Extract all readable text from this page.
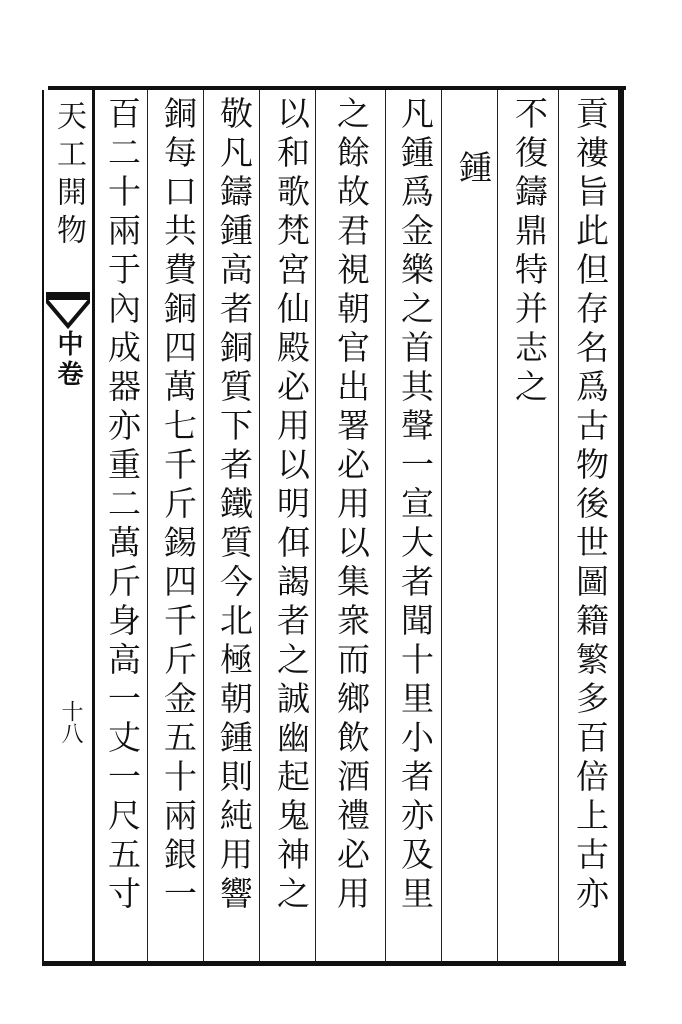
貢䄛旨此但存名爲古物後世圖籍繁多百倍上古亦
不復鑄鼎特并志之
鍾
凡鍾爲金樂之首其聲一宣大者聞十里小者亦及里
之餘故君視朝官出署必用以集衆而鄉飲酒禮必用
以和歌梵宮仙殿必用以明佴謁者之誠幽起鬼神之
敬凡鑄鍾高者銅質下者鐵質今北極朝鍾則純用響
銅每口共費銅四萬七千斤錫四千斤金五十兩銀一
百二十兩于內成器亦重二萬斤身高一丈一尺五寸
天工開物
中卷
十八
